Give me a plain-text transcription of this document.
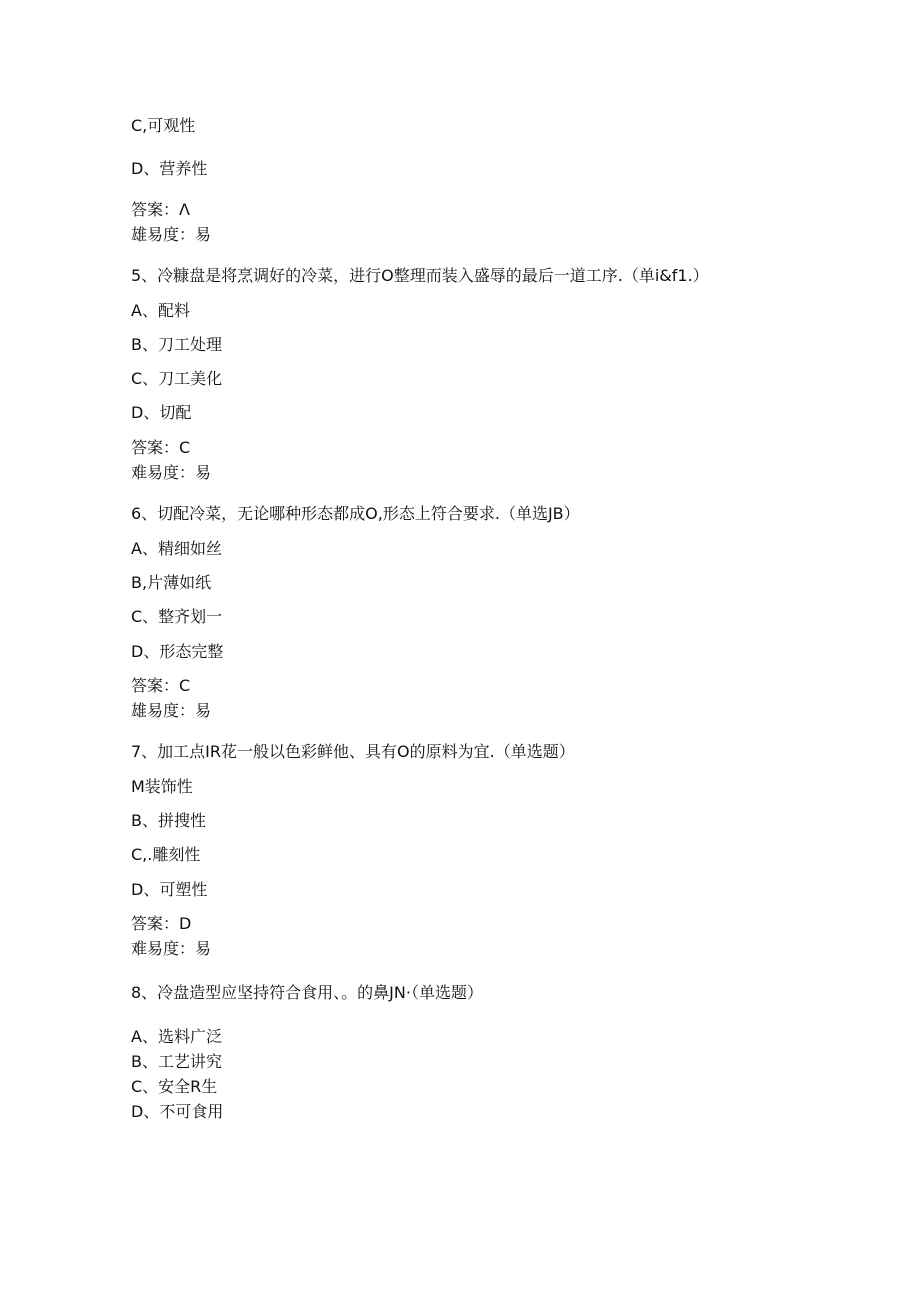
C,可观性
D、营养性
答案：Λ
雄易度：易
5、冷糠盘是将烹调好的冷菜，进行O整理而装入盛辱的最后一道工序.（单i&f1.）
A、配料
B、刀工处理
C、刀工美化
D、切配
答案：C
难易度：易
6、切配冷菜，无论哪种形态都成O,形态上符合要求.（单选JB）
A、精细如丝
B,片薄如纸
C、整齐划一
D、形态完整
答案：C
雄易度：易
7、加工点IR花一般以色彩鲜他、具有O的原料为宜.（单选题）
M装饰性
B、拼搜性
C,.雕刻性
D、可塑性
答案：D
难易度：易
8、冷盘造型应坚持符合食用、。的鼻JN·（单选题）
A、选料广泛
B、工艺讲究
C、安全R生
D、不可食用
